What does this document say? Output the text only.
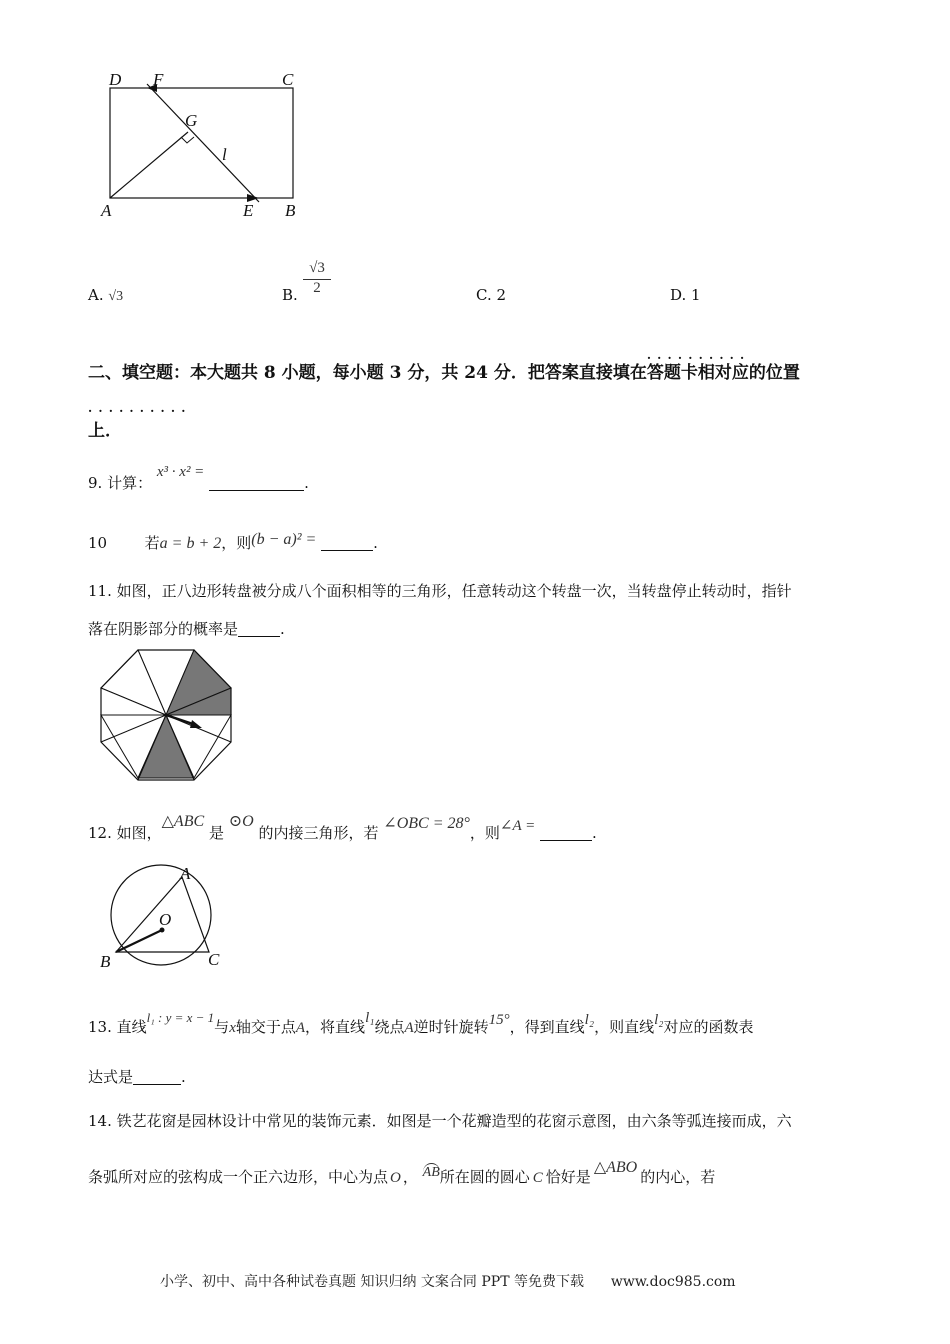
D F	C
G
l
A	E B
A. √3	B. $\frac{√3}{2}$	C. 2	D. 1
二、填空题：本大题共 8 小题，每小题 3 分，共 24 分．把答案直接填在· · · 答题卡相对应的位置
· · · 上．
9. 计算： x³ · x² = .
10	若a = b + 2，则(b − a)² =	.
11. 如图，正八边形转盘被分成八个面积相等的三角形，任意转动这个转盘一次，当转盘停止转动时，指针
落在阴影部分的概率是	.
12. 如图，△ABC 是 ⊙O 的内接三角形，若 ∠OBC = 28°，则∠A =	.
A
O
B	C
13. 直线l₁ : y = x − 1与x轴交于点A，将直线l₁绕点A逆时针旋转15°，得到直线l₂，则直线l₂对应的函数表
达式是	.
14. 铁艺花窗是园林设计中常见的装饰元素．如图是一个花瓣造型的花窗示意图，由六条等弧连接而成，六
条弧所对应的弦构成一个正六边形，中心为点 O ， AB所在圆的圆心 C 恰好是△ABO的内心，若
小学、初中、高中各种试卷真题 知识归纳 文案合同 PPT 等免费下载 www.doc985.com
